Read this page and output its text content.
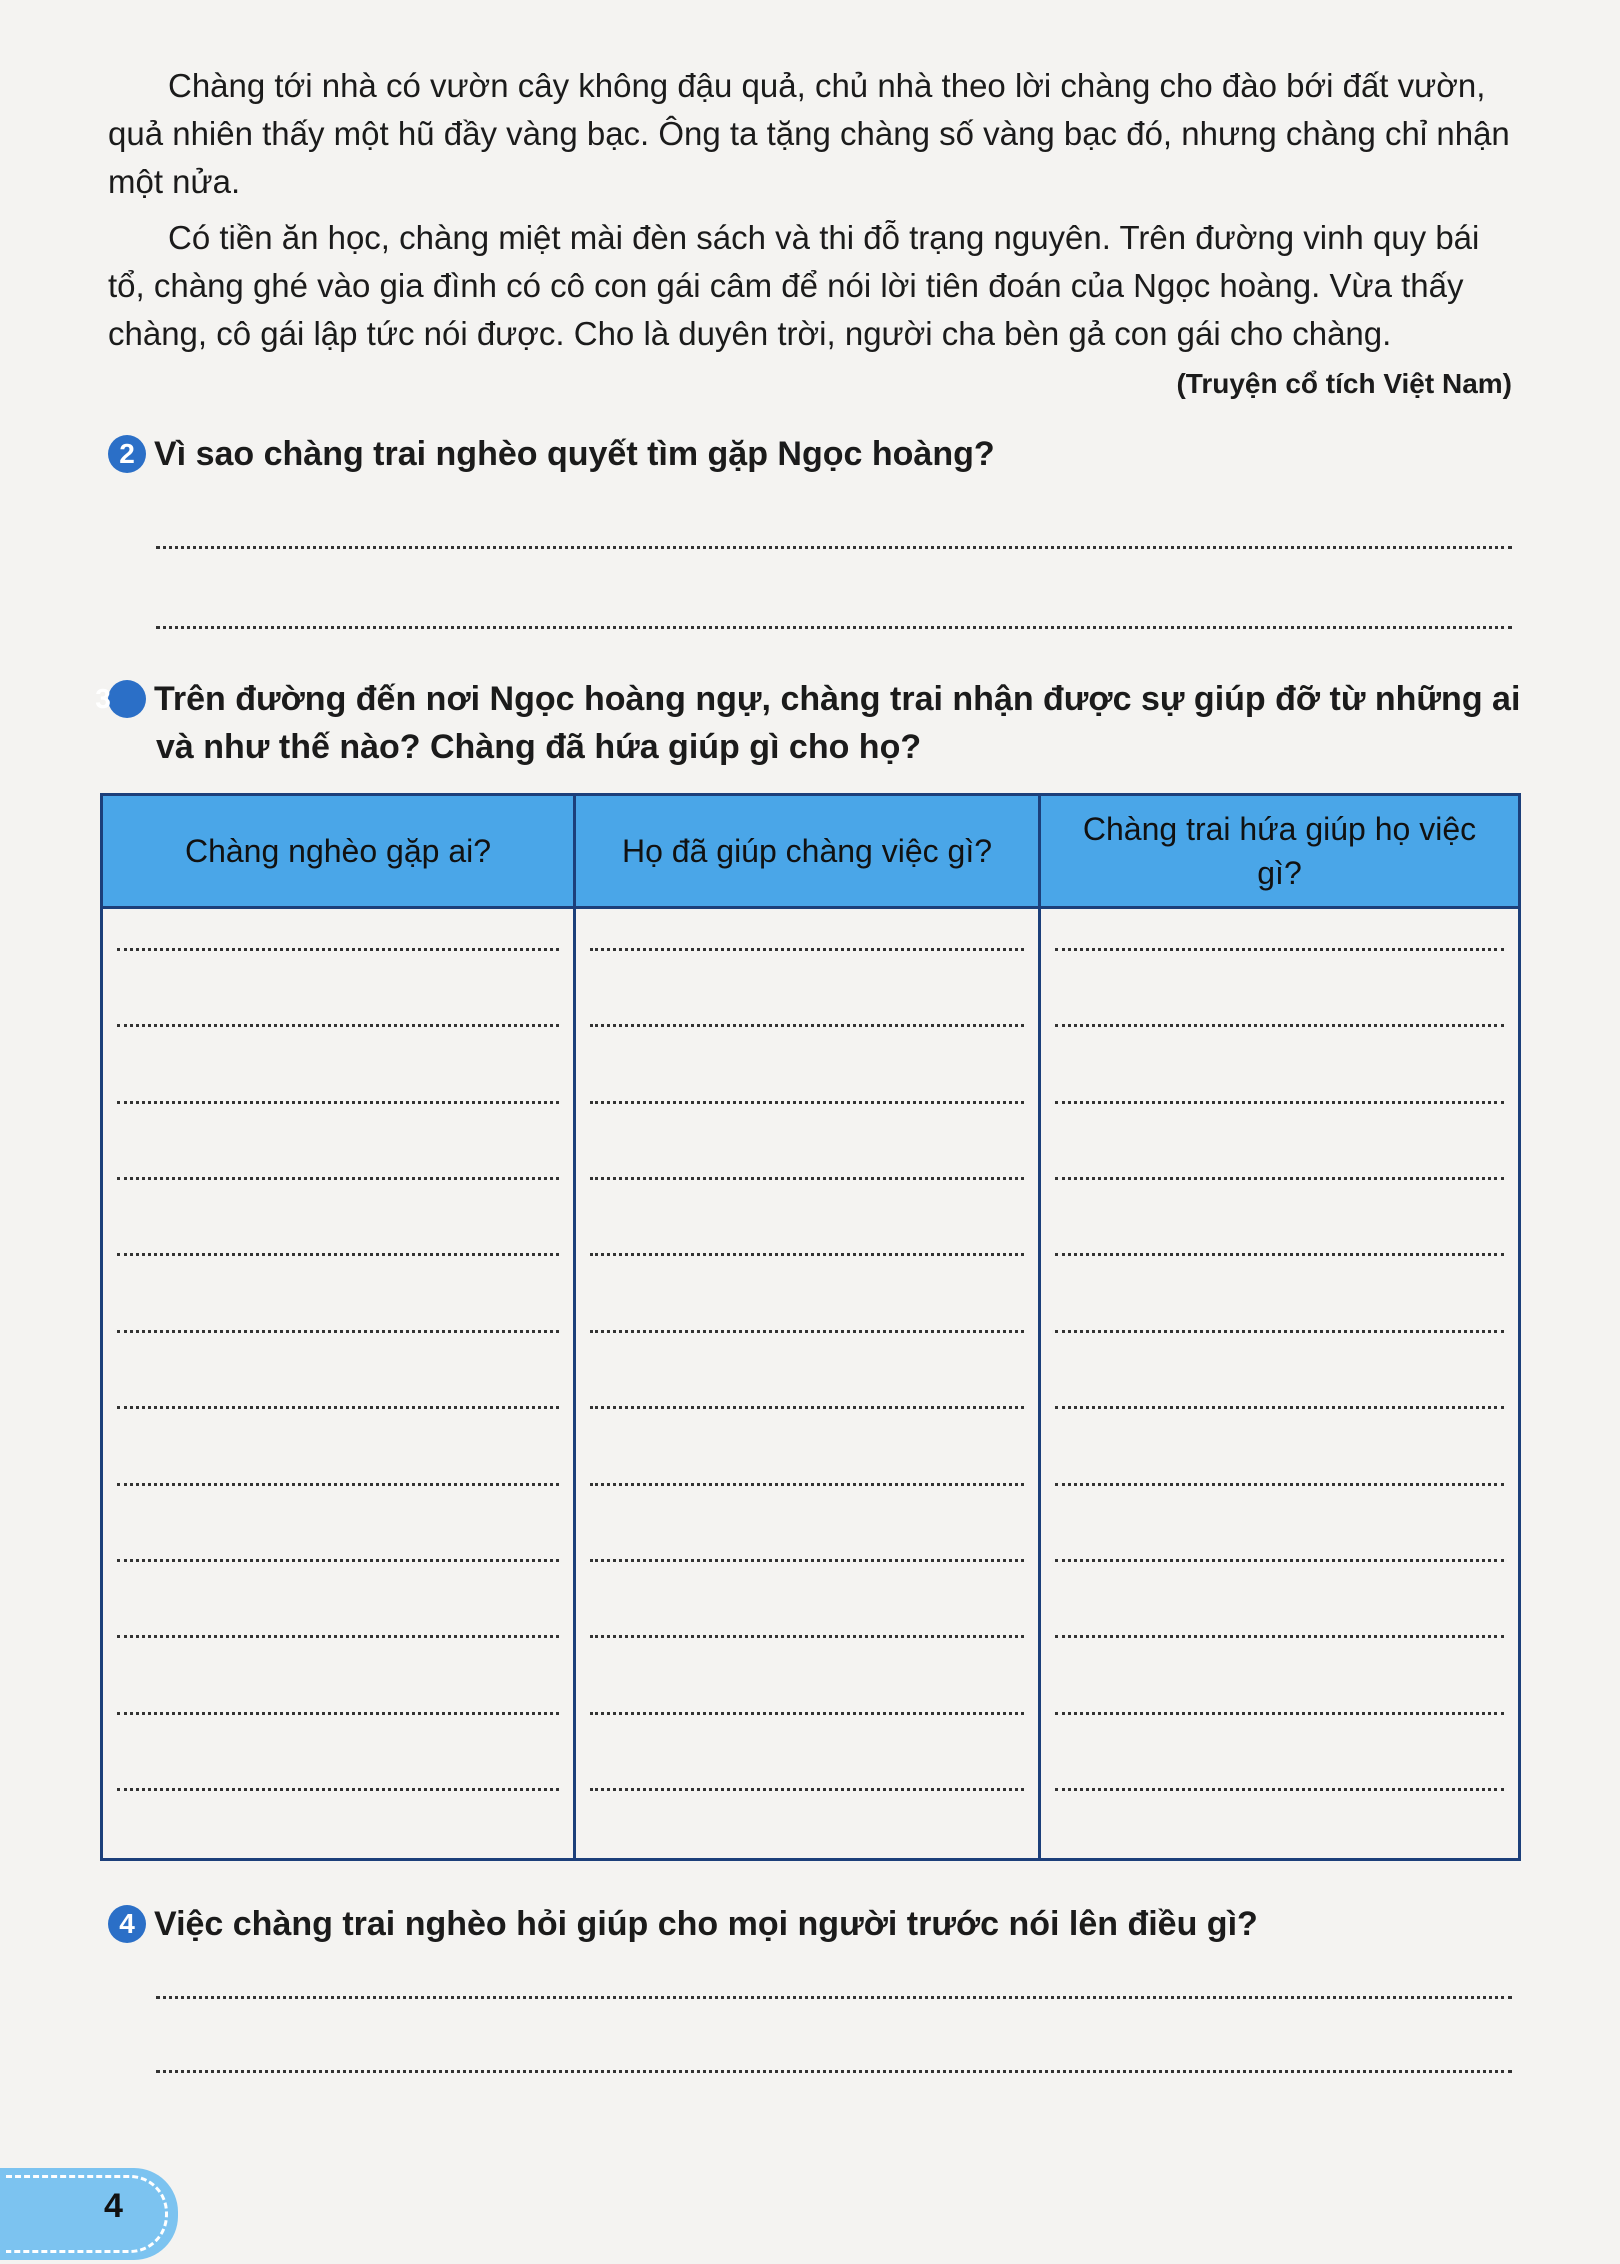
Chàng tới nhà có vườn cây không đậu quả, chủ nhà theo lời chàng cho đào bới đất vườn, quả nhiên thấy một hũ đầy vàng bạc. Ông ta tặng chàng số vàng bạc đó, nhưng chàng chỉ nhận một nửa.

Có tiền ăn học, chàng miệt mài đèn sách và thi đỗ trạng nguyên. Trên đường vinh quy bái tổ, chàng ghé vào gia đình có cô con gái câm để nói lời tiên đoán của Ngọc hoàng. Vừa thấy chàng, cô gái lập tức nói được. Cho là duyên trời, người cha bèn gả con gái cho chàng.

(Truyện cổ tích Việt Nam)

2 Vì sao chàng trai nghèo quyết tìm gặp Ngọc hoàng?

3 Trên đường đến nơi Ngọc hoàng ngự, chàng trai nhận được sự giúp đỡ từ những ai và như thế nào? Chàng đã hứa giúp gì cho họ?

Chàng nghèo gặp ai?	Họ đã giúp chàng việc gì?	Chàng trai hứa giúp họ việc gì?

4 Việc chàng trai nghèo hỏi giúp cho mọi người trước nói lên điều gì?

4
